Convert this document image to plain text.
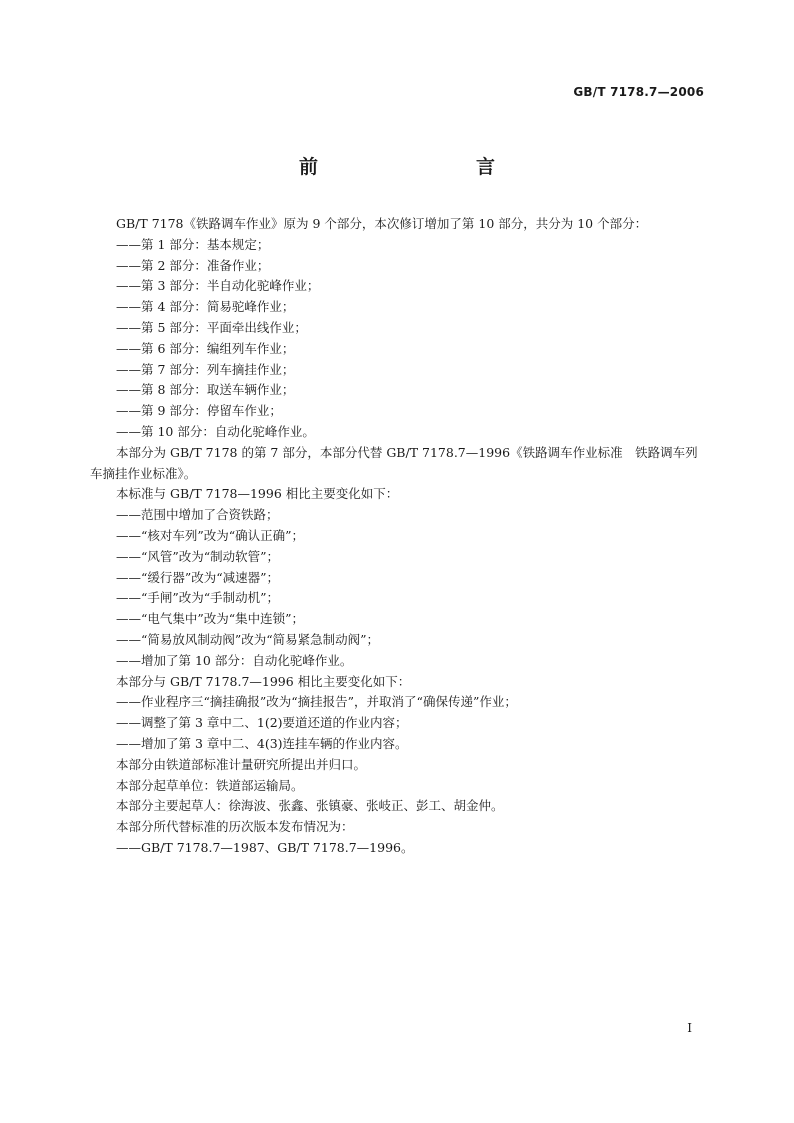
GB/T 7178.7—2006
前　　言

GB/T 7178《铁路调车作业》原为 9 个部分，本次修订增加了第 10 部分，共分为 10 个部分：

——第 1 部分：基本规定；

——第 2 部分：准备作业；

——第 3 部分：半自动化驼峰作业；

——第 4 部分：简易驼峰作业；

——第 5 部分：平面牵出线作业；

——第 6 部分：编组列车作业；

——第 7 部分：列车摘挂作业；

——第 8 部分：取送车辆作业；

——第 9 部分：停留车作业；

——第 10 部分：自动化驼峰作业。

本部分为 GB/T 7178 的第 7 部分，本部分代替 GB/T 7178.7—1996《铁路调车作业标准　铁路调车列车摘挂作业标准》。

本标准与 GB/T 7178—1996 相比主要变化如下：

——范围中增加了合资铁路；

——“核对车列”改为“确认正确”；

——“风管”改为“制动软管”；

——“缓行器”改为“减速器”；

——“手闸”改为“手制动机”；

——“电气集中”改为“集中连锁”；

——“简易放风制动阀”改为“简易紧急制动阀”；

——增加了第 10 部分：自动化驼峰作业。

本部分与 GB/T 7178.7—1996 相比主要变化如下：

——作业程序三“摘挂确报”改为“摘挂报告”，并取消了“确保传递”作业；

——调整了第 3 章中二、1(2)要道还道的作业内容；

——增加了第 3 章中二、4(3)连挂车辆的作业内容。

本部分由铁道部标准计量研究所提出并归口。

本部分起草单位：铁道部运输局。

本部分主要起草人：徐海波、张鑫、张镇豪、张岐正、彭工、胡金仲。

本部分所代替标准的历次版本发布情况为：

——GB/T 7178.7—1987、GB/T 7178.7—1996。

I
